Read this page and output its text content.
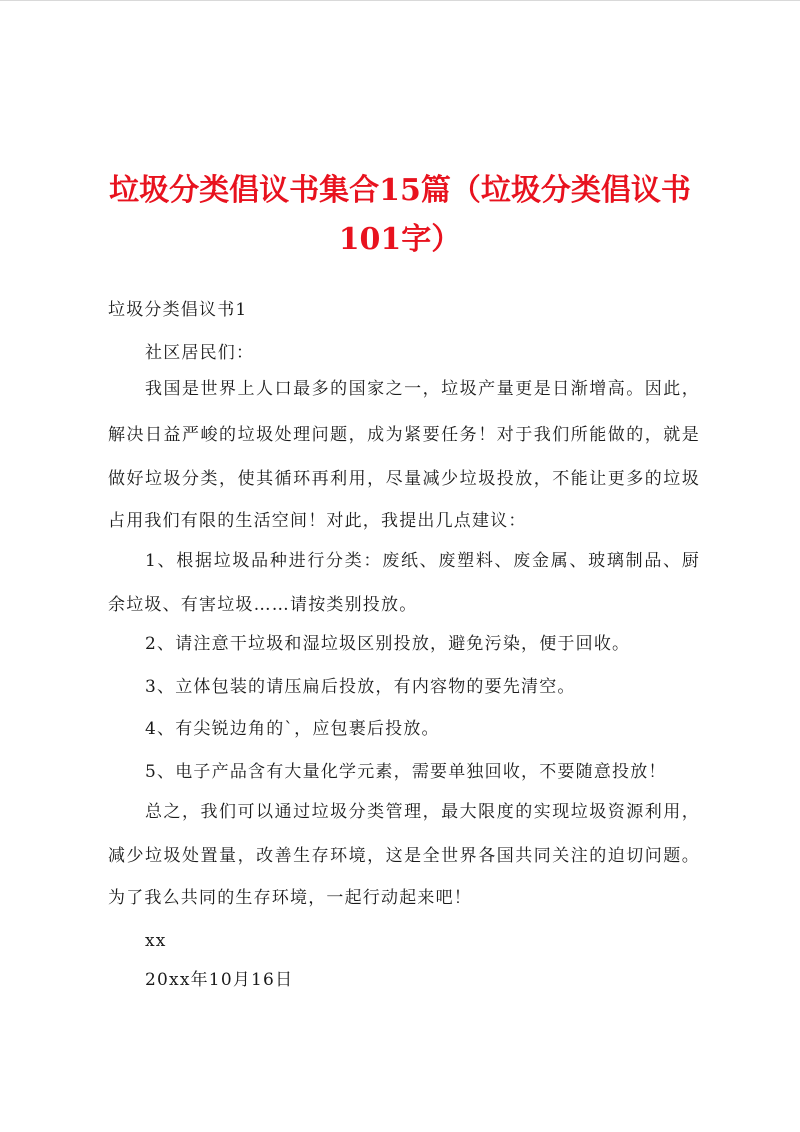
垃圾分类倡议书集合15篇（垃圾分类倡议书
101字）
垃圾分类倡议书1
社区居民们：
我国是世界上人口最多的国家之一，垃圾产量更是日渐增高。因此，
解决日益严峻的垃圾处理问题，成为紧要任务！对于我们所能做的，就是
做好垃圾分类，使其循环再利用，尽量减少垃圾投放，不能让更多的垃圾
占用我们有限的生活空间！对此，我提出几点建议：
1、根据垃圾品种进行分类：废纸、废塑料、废金属、玻璃制品、厨
余垃圾、有害垃圾……请按类别投放。
2、请注意干垃圾和湿垃圾区别投放，避免污染，便于回收。
3、立体包装的请压扁后投放，有内容物的要先清空。
4、有尖锐边角的`，应包裹后投放。
5、电子产品含有大量化学元素，需要单独回收，不要随意投放！
总之，我们可以通过垃圾分类管理，最大限度的实现垃圾资源利用，
减少垃圾处置量，改善生存环境，这是全世界各国共同关注的迫切问题。
为了我么共同的生存环境，一起行动起来吧！
xx
20xx年10月16日
